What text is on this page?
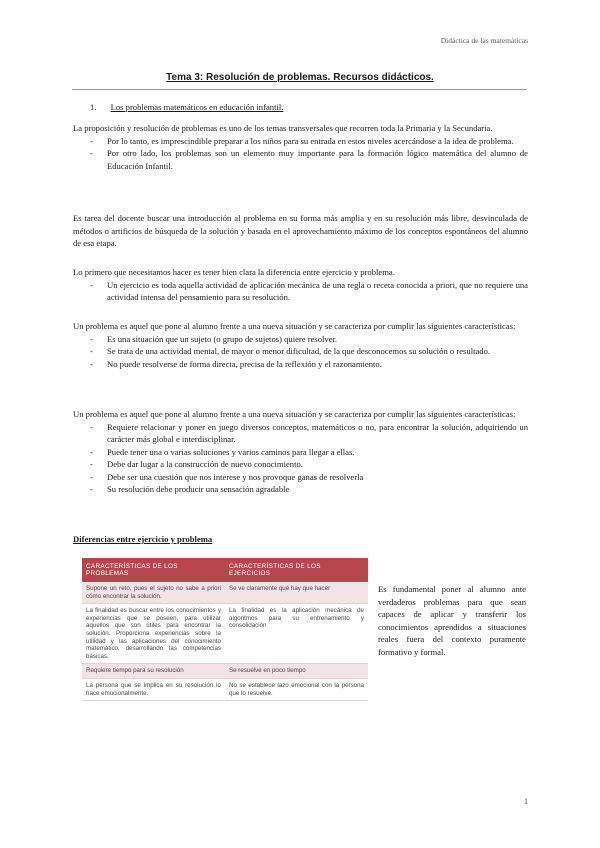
Didáctica de las matemáticas
Tema 3: Resolución de problemas. Recursos didácticos.
1. Los problemas matemáticos en educación infantil.
La proposición y resolución de problemas es uno de los temas transversales que recorren toda la Primaria y la Secundaria.
- Por lo tanto, es imprescindible preparar a los niños para su entrada en estos niveles acercándose a la idea de problema.
- Por otro lado, los problemas son un elemento muy importante para la formación lógico matemática del alumno de Educación Infantil.
Es tarea del docente buscar una introducción al problema en su forma más amplia y en su resolución más libre, desvinculada de métodos o artificios de búsqueda de la solución y basada en el aprovechamiento máximo de los conceptos espontáneos del alumno de esa etapa.
Lo primero que necesitamos hacer es tener bien clara la diferencia entre ejercicio y problema.
- Un ejercicio es toda aquella actividad de aplicación mecánica de una regla o receta conocida a priori, que no requiere una actividad intensa del pensamiento para su resolución.
Un problema es aquel que pone al alumno frente a una nueva situación y se caracteriza por cumplir las siguientes características:
- Es una situación que un sujeto (o grupo de sujetos) quiere resolver.
- Se trata de una actividad mental, de mayor o menor dificultad, de la que desconocemos su solución o resultado.
- No puede resolverse de forma directa, precisa de la reflexión y el razonamiento.
Un problema es aquel que pone al alumno frente a una nueva situación y se caracteriza por cumplir las siguientes características:
- Requiere relacionar y poner en juego diversos conceptos, matemáticos o no, para encontrar la solución, adquiriendo un carácter más global e interdisciplinar.
- Puede tener una o varias soluciones y varios caminos para llegar a ellas.
- Debe dar lugar a la construcción de nuevo conocimiento.
- Debe ser una cuestión que nos interese y nos provoque ganas de resolverla
- Su resolución debe producir una sensación agradable
Diferencias entre ejercicio y problema
CARACTERÍSTICAS DE LOS PROBLEMAS	CARACTERÍSTICAS DE LOS EJERCICIOS
Supone un reto, pues el sujeto no sabe a priori cómo encontrar la solución.	Se ve claramente qué hay que hacer
La finalidad es buscar entre los conocimientos y experiencias que se poseen, para utilizar aquellos que son útiles para encontrar la solución. Proporciona experiencias sobre la utilidad y las aplicaciones del conocimiento matemático, desarrollando las competencias básicas.	La finalidad es la aplicación mecánica de algoritmos para su entrenamiento y consolidación
Requiere tiempo para su resolución	Se resuelve en poco tiempo
La persona que se implica en su resolución lo hace emocionalmente.	No se establece lazo emocional con la persona que lo resuelve.
Es fundamental poner al alumno ante verdaderos problemas para que sean capaces de aplicar y transferir los conocimientos aprendidos a situaciones reales fuera del contexto puramente formativo y formal.
1
